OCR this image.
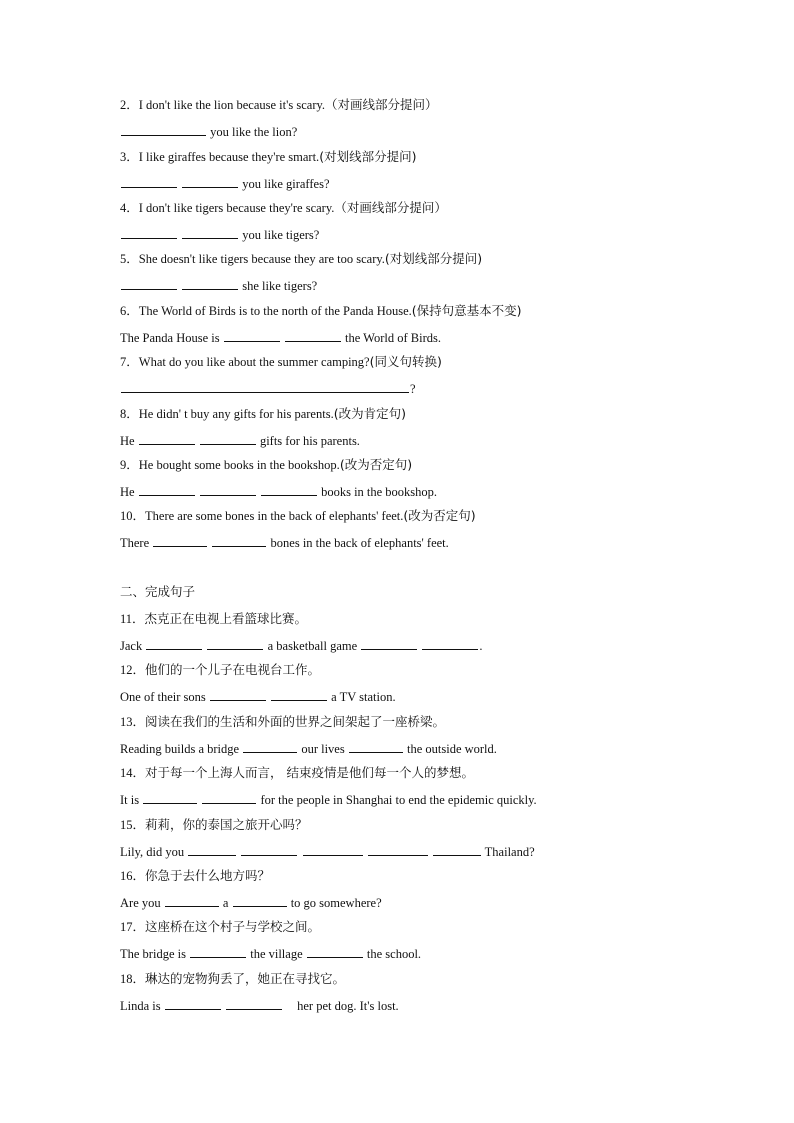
2．I don't like the lion because it's scary.（对画线部分提问）
you like the lion?
3．I like giraffes because they're smart.(对划线部分提问)
you like giraffes?
4．I don't like tigers because they're scary.（对画线部分提问）
you like tigers?
5．She doesn't like tigers because they are too scary.(对划线部分提问)
she like tigers?
6．The World of Birds is to the north of the Panda House.(保持句意基本不变)
The Panda House is	the World of Birds.
7．What do you like about the summer camping?(同义句转换)
?
8．He didn' t buy any gifts for his parents.(改为肯定句)
He	gifts for his parents.
9．He bought some books in the bookshop.(改为否定句)
He	books in the bookshop.
10．There are some bones in the back of elephants' feet.(改为否定句)
There	bones in the back of elephants' feet.
二、完成句子
11．杰克正在电视上看篮球比赛。
Jack	a basketball game	.
12．他们的一个儿子在电视台工作。
One of their sons	a TV station.
13．阅读在我们的生活和外面的世界之间架起了一座桥梁。
Reading builds a bridge	our lives	the outside world.
14．对于每一个上海人而言， 结束疫情是他们每一个人的梦想。
It is	for the people in Shanghai to end the epidemic quickly.
15．莉莉，你的泰国之旅开心吗？
Lily, did you	Thailand?
16．你急于去什么地方吗？
Are you	a	to go somewhere?
17．这座桥在这个村子与学校之间。
The bridge is	the village	the school.
18．琳达的宠物狗丢了，她正在寻找它。
Linda is	her pet dog. It's lost.
